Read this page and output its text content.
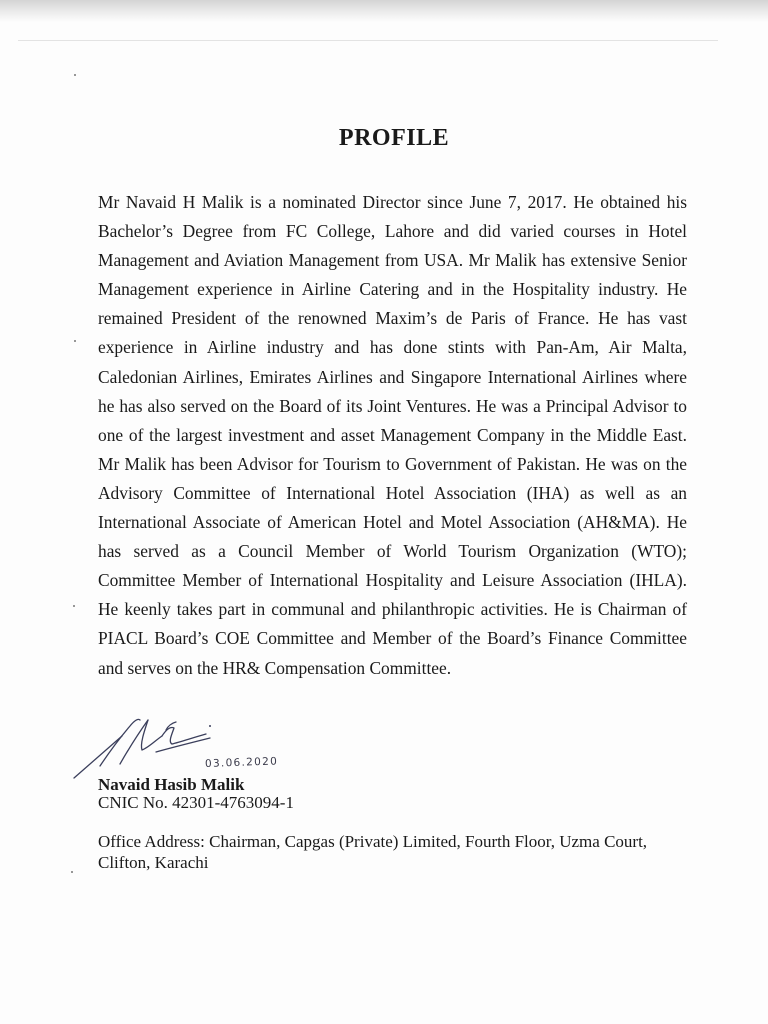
PROFILE

Mr Navaid H Malik is a nominated Director since June 7, 2017. He obtained his Bachelor’s Degree from FC College, Lahore and did varied courses in Hotel Management and Aviation Management from USA. Mr Malik has extensive Senior Management experience in Airline Catering and in the Hospitality industry. He remained President of the renowned Maxim’s de Paris of France. He has vast experience in Airline industry and has done stints with Pan-Am, Air Malta, Caledonian Airlines, Emirates Airlines and Singapore International Airlines where he has also served on the Board of its Joint Ventures. He was a Principal Advisor to one of the largest investment and asset Management Company in the Middle East. Mr Malik has been Advisor for Tourism to Government of Pakistan. He was on the Advisory Committee of International Hotel Association (IHA) as well as an International Associate of American Hotel and Motel Association (AH&MA). He has served as a Council Member of World Tourism Organization (WTO); Committee Member of International Hospitality and Leisure Association (IHLA). He keenly takes part in communal and philanthropic activities. He is Chairman of PIACL Board’s COE Committee and Member of the Board’s Finance Committee and serves on the HR& Compensation Committee.

03.06.2020
Navaid Hasib Malik
CNIC No. 42301-4763094-1

Office Address: Chairman, Capgas (Private) Limited, Fourth Floor, Uzma Court, Clifton, Karachi
